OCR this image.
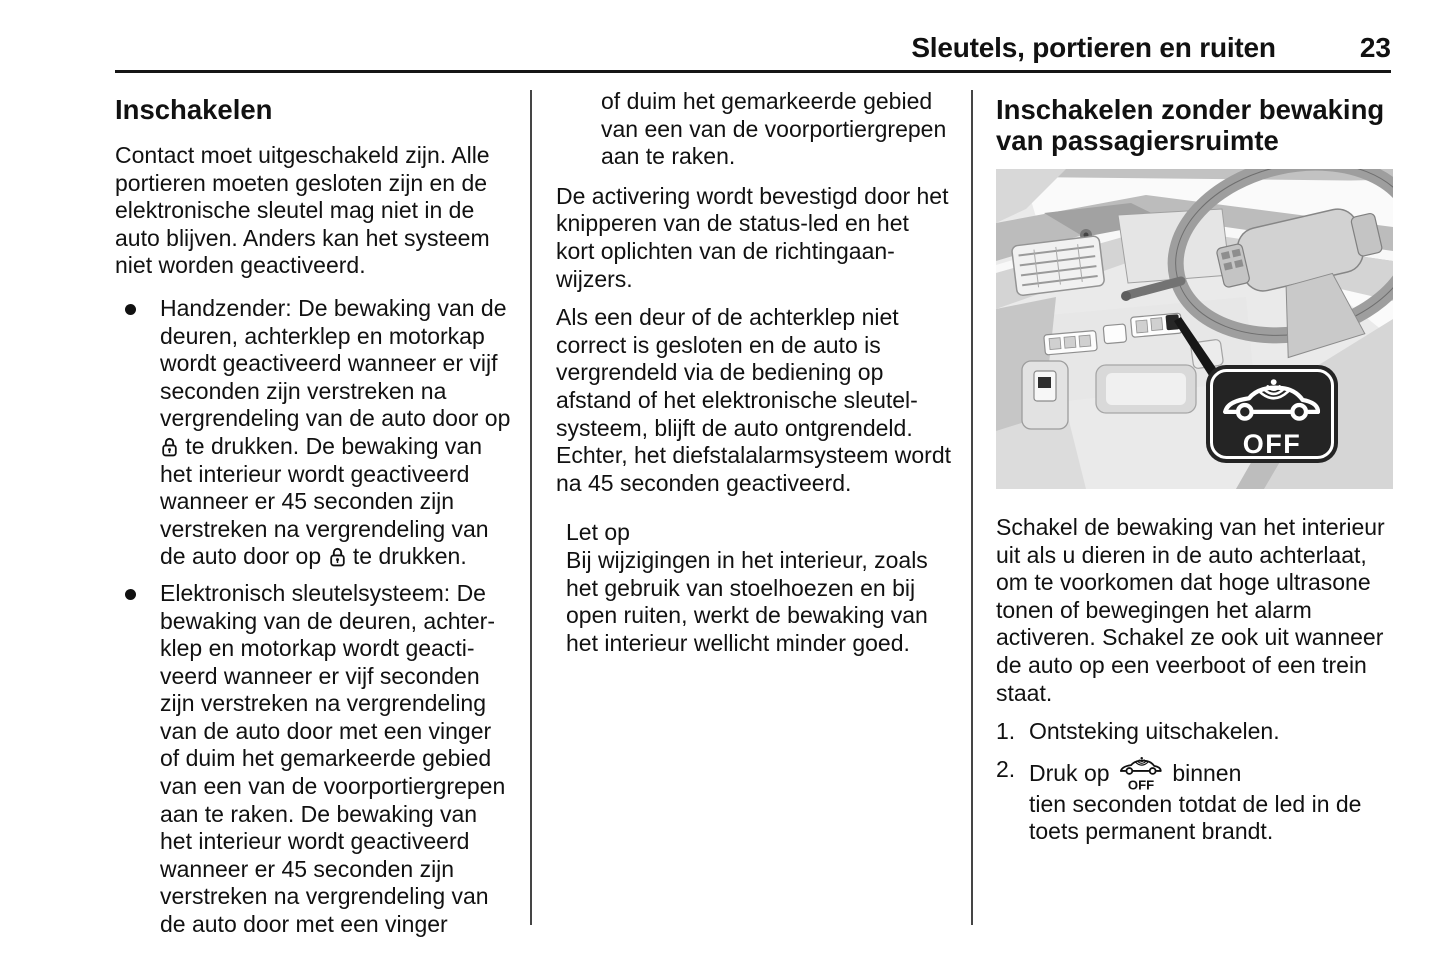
Sleutels, portieren en ruiten	23
Inschakelen

Contact moet uitgeschakeld zijn. Alle portieren moeten gesloten zijn en de elektronische sleutel mag niet in de auto blijven. Anders kan het systeem niet worden geactiveerd.

Handzender: De bewaking van de deuren, achterklep en motorkap wordt geactiveerd wanneer er vijf seconden zijn verstreken na vergrendeling van de auto door op  te drukken. De bewaking van het interieur wordt geactiveerd wanneer er 45 seconden zijn verstreken na vergrendeling van de auto door op  te drukken.
Elektronisch sleutelsysteem: De bewaking van de deuren, achterklep en motorkap wordt geactiveerd wanneer er vijf seconden zijn verstreken na vergrendeling van de auto door met een vinger of duim het gemarkeerde gebied van een van de voorportiergrepen aan te raken. De bewaking van het interieur wordt geactiveerd wanneer er 45 seconden zijn verstreken na vergrendeling van de auto door met een vinger

of duim het gemarkeerde gebied van een van de voorportiergrepen aan te raken.

De activering wordt bevestigd door het knipperen van de status-led en het kort oplichten van de richtingaanwijzers.

Als een deur of de achterklep niet correct is gesloten en de auto is vergrendeld via de bediening op afstand of het elektronische sleutelsysteem, blijft de auto ontgrendeld. Echter, het diefstalalarmsysteem wordt na 45 seconden geactiveerd.

Let op

Bij wijzigingen in het interieur, zoals het gebruik van stoelhoezen en bij open ruiten, werkt de bewaking van het interieur wellicht minder goed.

Inschakelen zonder bewaking van passagiersruimte
OFF

Schakel de bewaking van het interieur uit als u dieren in de auto achterlaat, om te voorkomen dat hoge ultrasone tonen of bewegingen het alarm activeren. Schakel ze ook uit wanneer de auto op een veerboot of een trein staat.

1. Ontsteking uitschakelen.
2. Druk op OFF binnen
tien seconden totdat de led in de toets permanent brandt.
